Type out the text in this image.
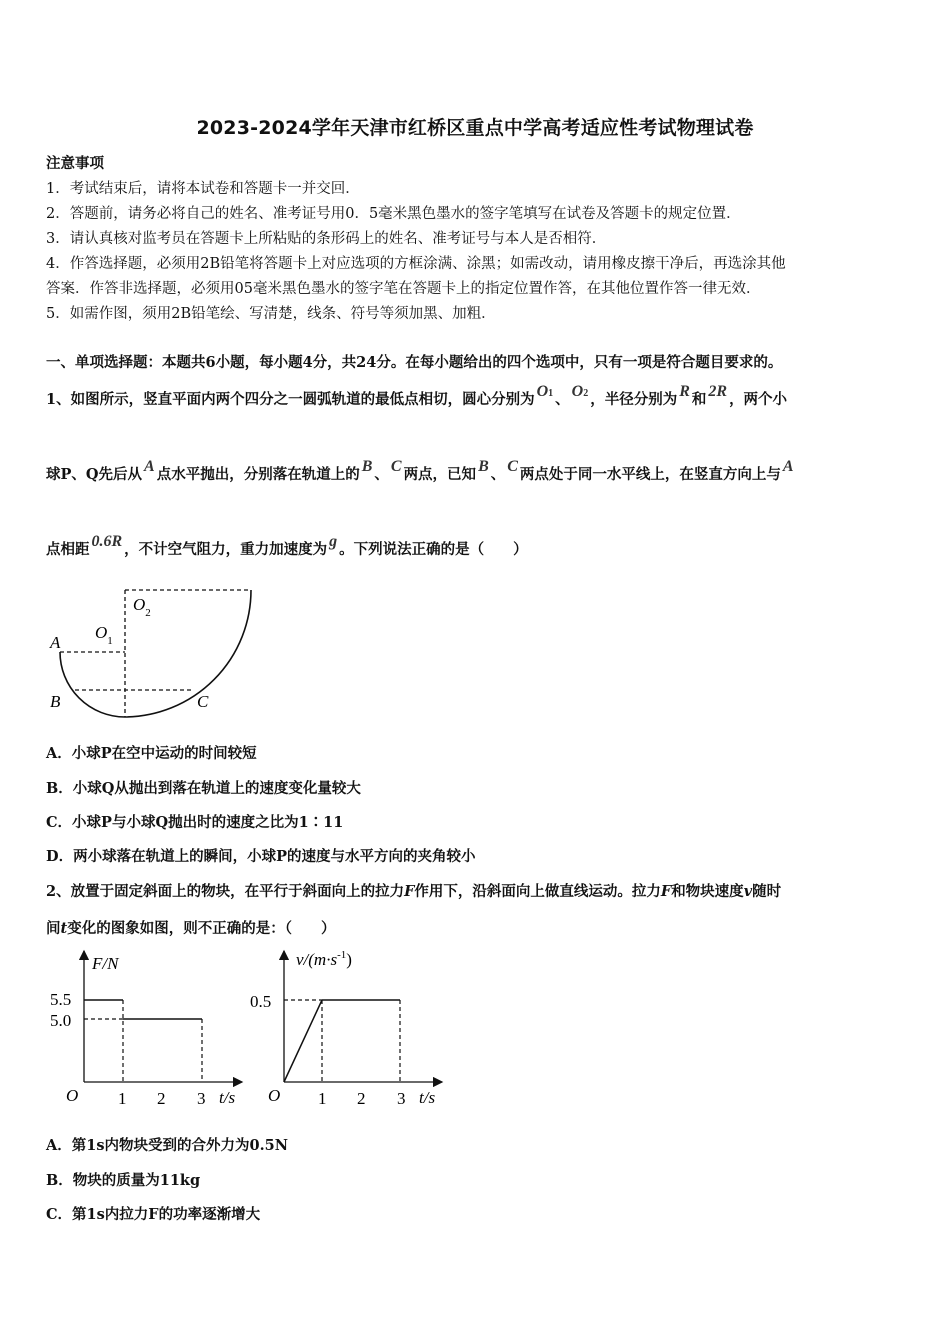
2023-2024学年天津市红桥区重点中学高考适应性考试物理试卷
注意事项
1．考试结束后，请将本试卷和答题卡一并交回．
2．答题前，请务必将自己的姓名、准考证号用0．5毫米黑色墨水的签字笔填写在试卷及答题卡的规定位置．
3．请认真核对监考员在答题卡上所粘贴的条形码上的姓名、准考证号与本人是否相符．
4．作答选择题，必须用2B铅笔将答题卡上对应选项的方框涂满、涂黑；如需改动，请用橡皮擦干净后，再选涂其他
答案．作答非选择题，必须用05毫米黑色墨水的签字笔在答题卡上的指定位置作答，在其他位置作答一律无效．
5．如需作图，须用2B铅笔绘、写清楚，线条、符号等须加黑、加粗．
一、单项选择题：本题共6小题，每小题4分，共24分。在每小题给出的四个选项中，只有一项是符合题目要求的。
1、如图所示，竖直平面内两个四分之一圆弧轨道的最低点相切，圆心分别为 O1 、 O2 ，半径分别为 R 和 2R ，两个小
球P、Q先后从 A 点水平抛出，分别落在轨道上的 B 、 C 两点，已知 B 、 C 两点处于同一水平线上，在竖直方向上与 A
点相距 0.6R ，不计空气阻力，重力加速度为 g 。下列说法正确的是（　　）
A
B	C
$O_1$
$O_2$
A．小球P在空中运动的时间较短
B．小球Q从抛出到落在轨道上的速度变化量较大
C．小球P与小球Q抛出时的速度之比为1∶11
D．两小球落在轨道上的瞬间，小球P的速度与水平方向的夹角较小
2、放置于固定斜面上的物块，在平行于斜面向上的拉力F作用下，沿斜面向上做直线运动。拉力F和物块速度v随时
间t变化的图象如图，则不正确的是：（　　）
F/N
5.5
5.0
O 1 2 3 t/s
$v/(m\cdot s^{-1})$
0.5
O 1 2 3 t/s
A．第1s内物块受到的合外力为0.5N
B．物块的质量为11kg
C．第1s内拉力F的功率逐渐增大
